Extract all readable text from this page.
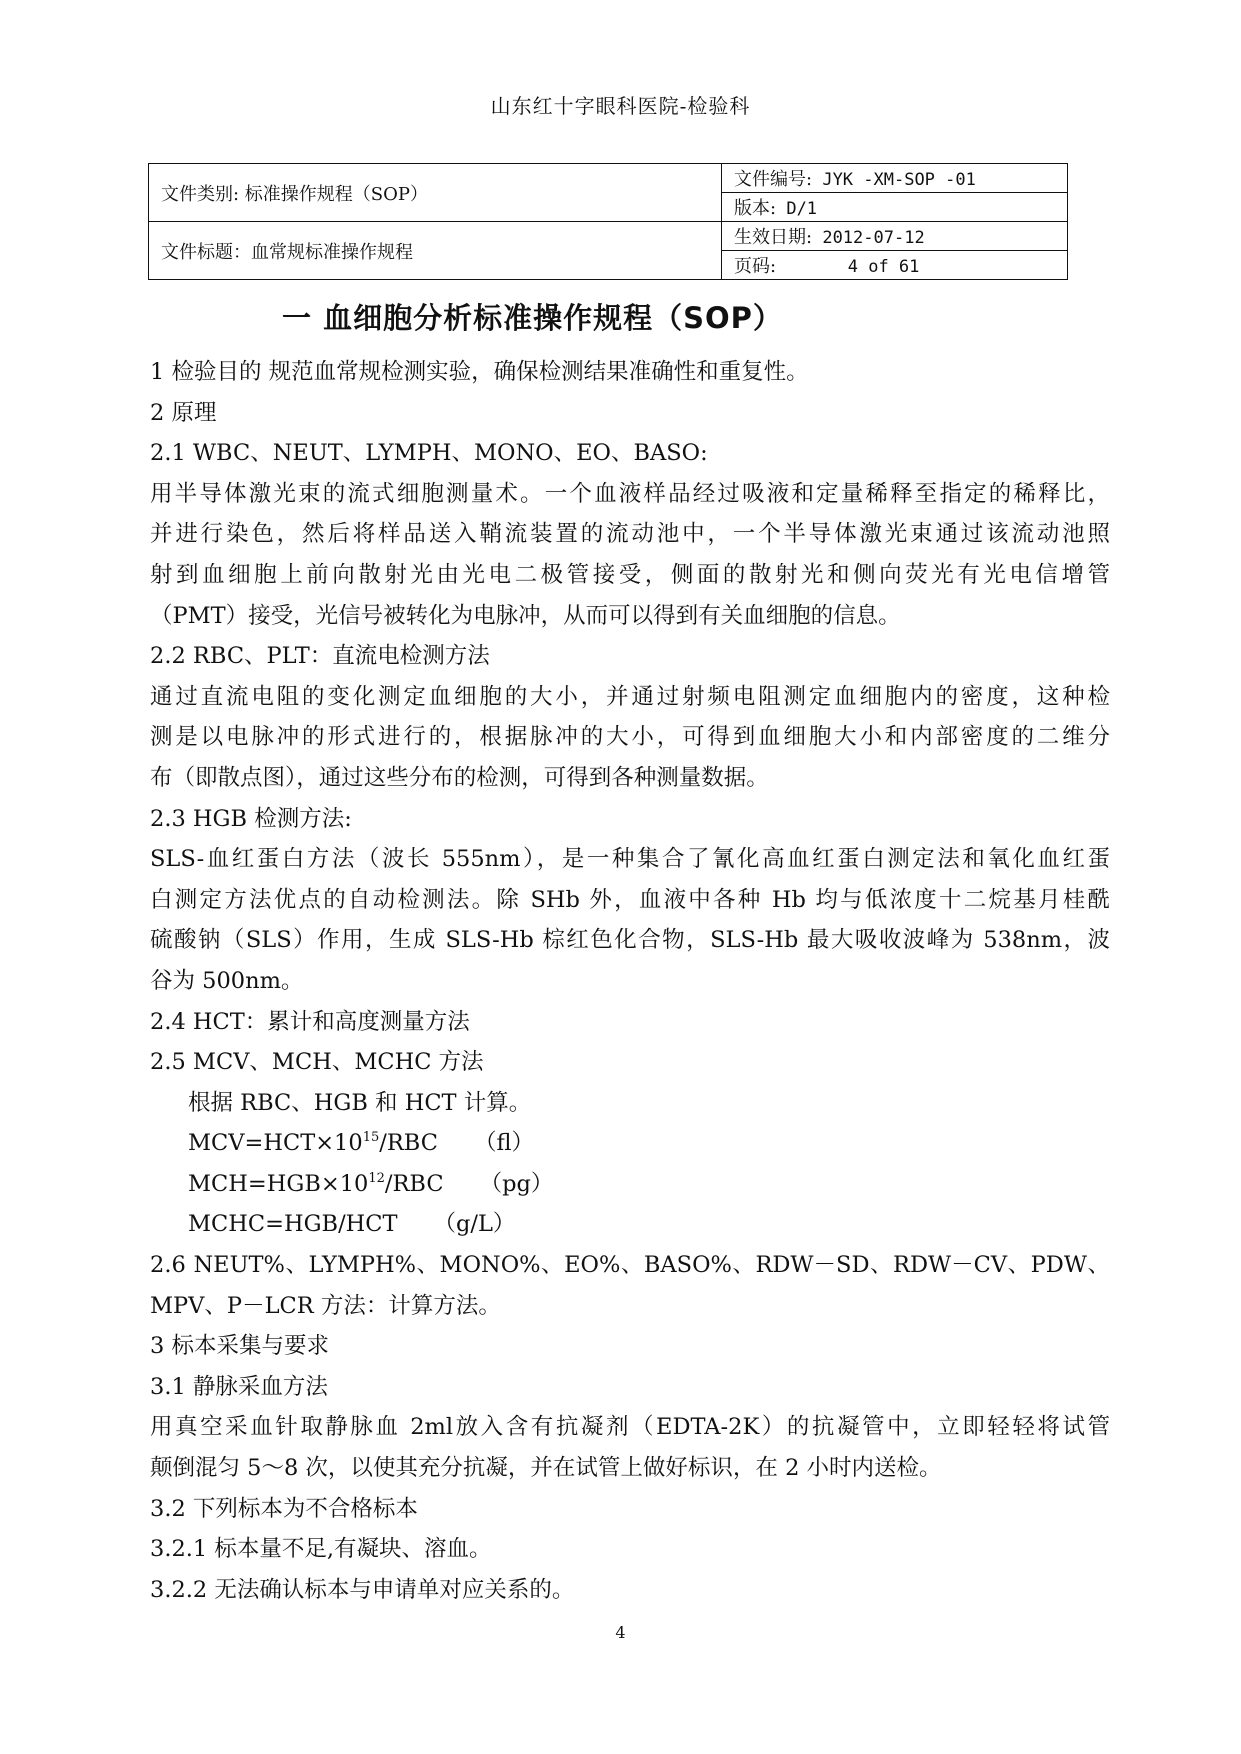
山东红十字眼科医院-检验科
文件类别: 标准操作规程（SOP）	文件编号: JYK -XM-SOP -01
	版本: D/1
文件标题：血常规标准操作规程	生效日期: 2012-07-12
	页码: 4 of 61
一 血细胞分析标准操作规程（SOP）
1 检验目的 规范血常规检测实验，确保检测结果准确性和重复性。
2 原理
2.1 WBC、NEUT、LYMPH、MONO、EO、BASO:
用半导体激光束的流式细胞测量术。一个血液样品经过吸液和定量稀释至指定的稀释比，
并进行染色，然后将样品送入鞘流装置的流动池中，一个半导体激光束通过该流动池照
射到血细胞上前向散射光由光电二极管接受，侧面的散射光和侧向荧光有光电信增管
（PMT）接受，光信号被转化为电脉冲，从而可以得到有关血细胞的信息。
2.2 RBC、PLT：直流电检测方法
通过直流电阻的变化测定血细胞的大小，并通过射频电阻测定血细胞内的密度，这种检
测是以电脉冲的形式进行的，根据脉冲的大小，可得到血细胞大小和内部密度的二维分
布（即散点图），通过这些分布的检测，可得到各种测量数据。
2.3 HGB 检测方法:
SLS-血红蛋白方法（波长 555nm），是一种集合了氰化高血红蛋白测定法和氧化血红蛋
白测定方法优点的自动检测法。除 SHb 外，血液中各种 Hb 均与低浓度十二烷基月桂酰
硫酸钠（SLS）作用，生成 SLS-Hb 棕红色化合物，SLS-Hb 最大吸收波峰为 538nm，波
谷为 500nm。
2.4 HCT：累计和高度测量方法
2.5 MCV、MCH、MCHC 方法
根据 RBC、HGB 和 HCT 计算。
$MCV=HCT\times 10^{15}$/RBC （fl）
$MCH=HGB\times 10^{12}$/RBC （pg）
MCHC=HGB/HCT （g/L）
2.6 NEUT%、LYMPH%、MONO%、EO%、BASO%、RDW－SD、RDW－CV、PDW、
MPV、P－LCR 方法：计算方法。
3 标本采集与要求
3.1 静脉采血方法
用真空采血针取静脉血 2ml放入含有抗凝剂（EDTA-2K）的抗凝管中，立即轻轻将试管
颠倒混匀 5～8 次，以使其充分抗凝，并在试管上做好标识，在 2 小时内送检。
3.2 下列标本为不合格标本
3.2.1 标本量不足,有凝块、溶血。
3.2.2 无法确认标本与申请单对应关系的。
4
